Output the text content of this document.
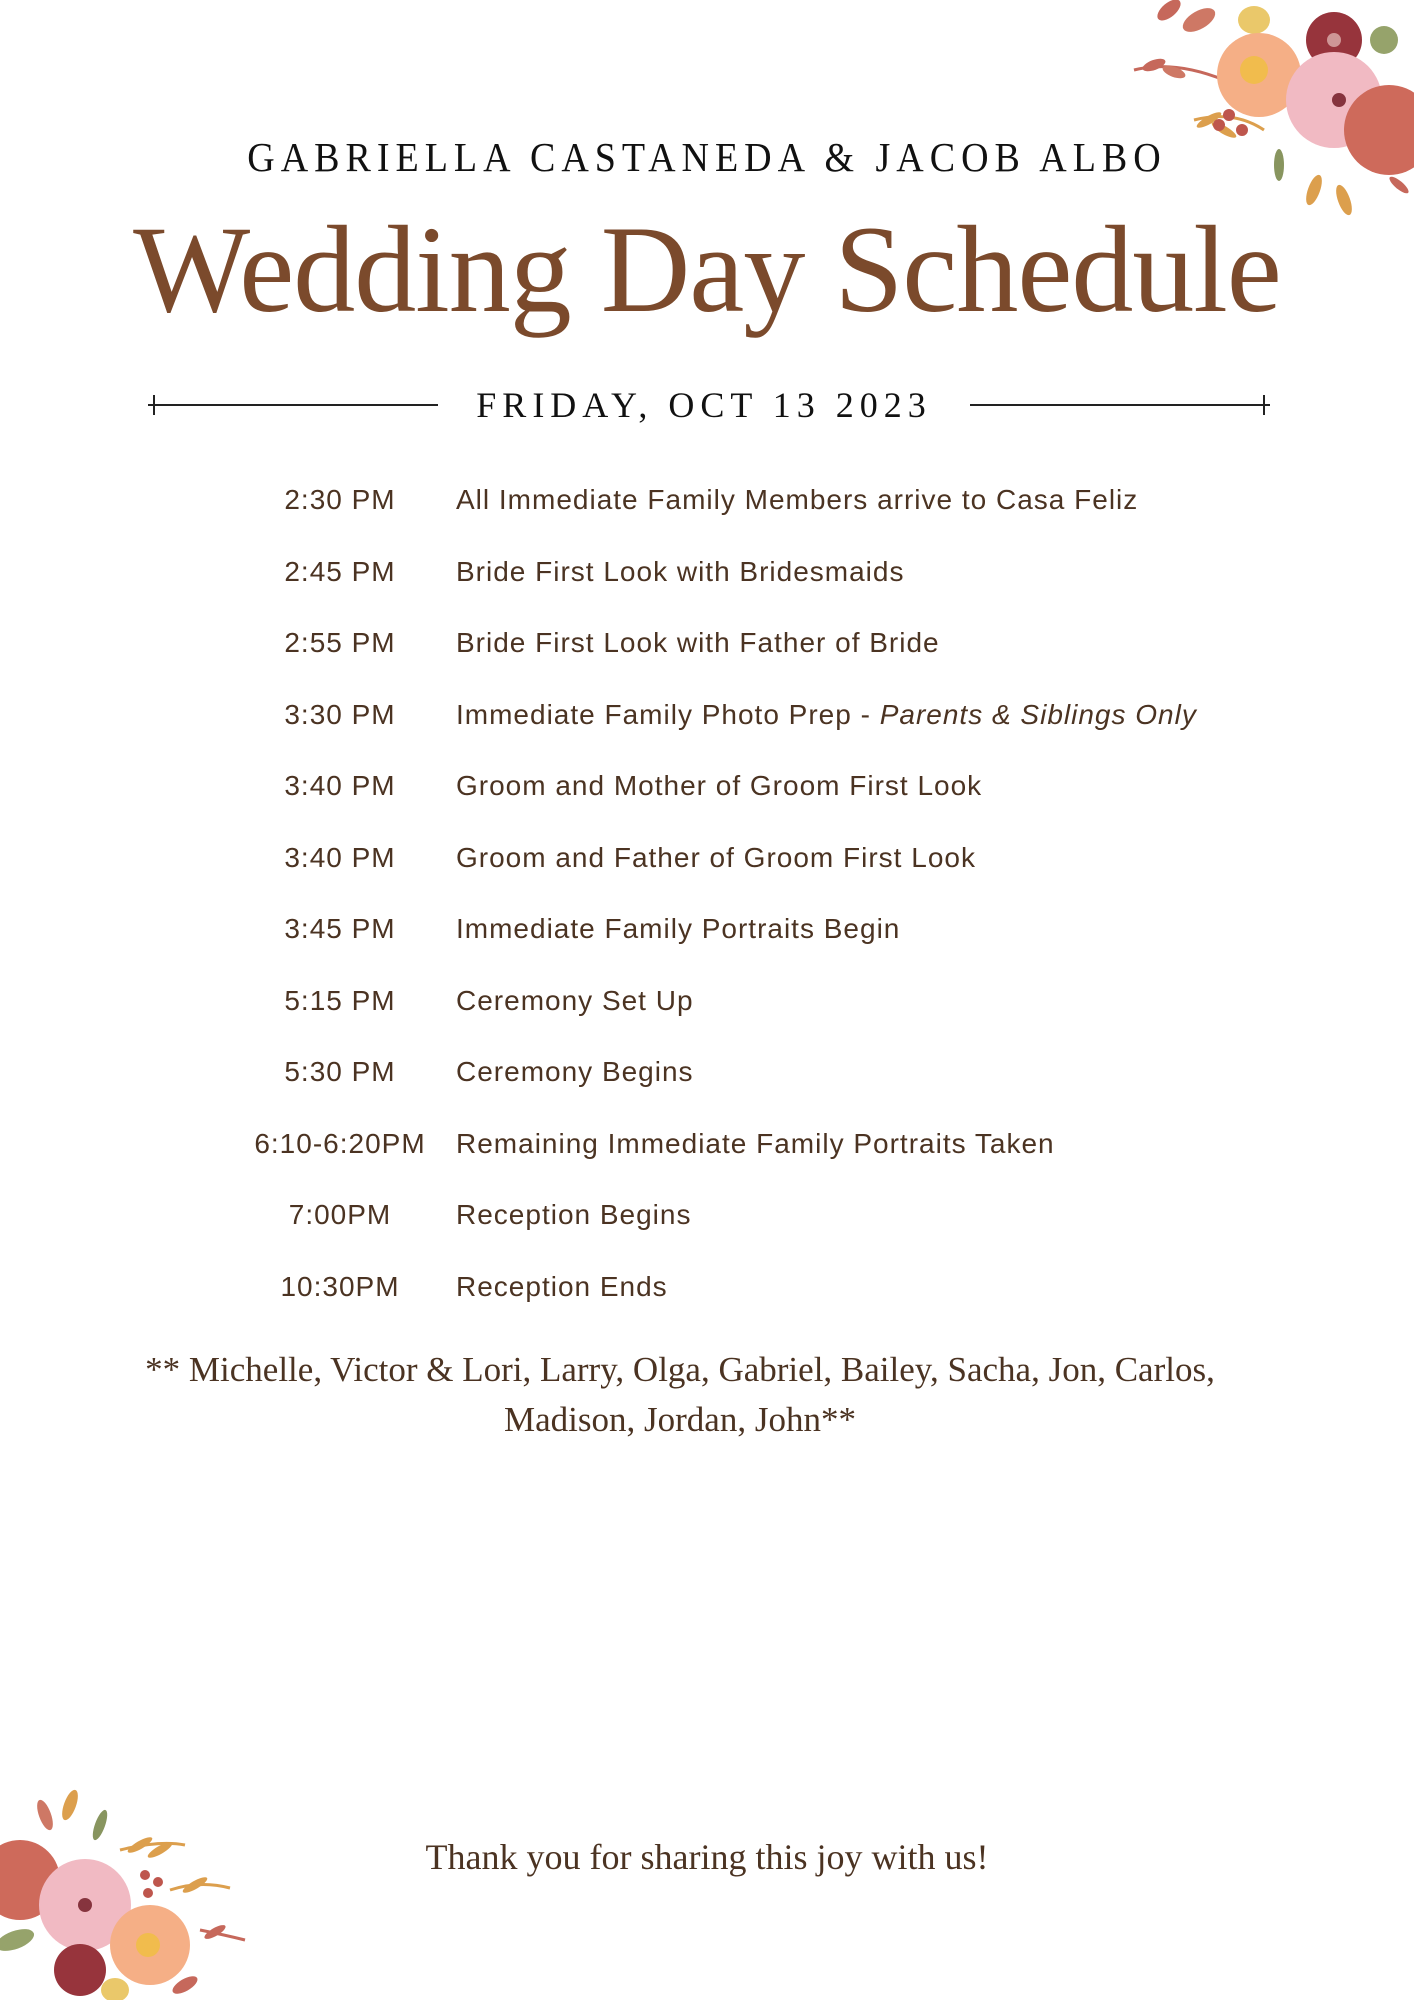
GABRIELLA CASTANEDA & JACOB ALBO
Wedding Day Schedule
FRIDAY, OCT 13 2023
2:30 PM	All Immediate Family Members arrive to Casa Feliz
2:45 PM	Bride First Look with Bridesmaids
2:55 PM	Bride First Look with Father of Bride
3:30 PM	Immediate Family Photo Prep - Parents & Siblings Only
3:40 PM	Groom and Mother of Groom First Look
3:40 PM	Groom and Father of Groom First Look
3:45 PM	Immediate Family Portraits Begin
5:15 PM	Ceremony Set Up
5:30 PM	Ceremony Begins
6:10-6:20PM	Remaining Immediate Family Portraits Taken
7:00PM	Reception Begins
10:30PM	Reception Ends
** Michelle, Victor & Lori, Larry, Olga, Gabriel, Bailey, Sacha, Jon, Carlos,
Madison, Jordan, John**
Thank you for sharing this joy with us!
